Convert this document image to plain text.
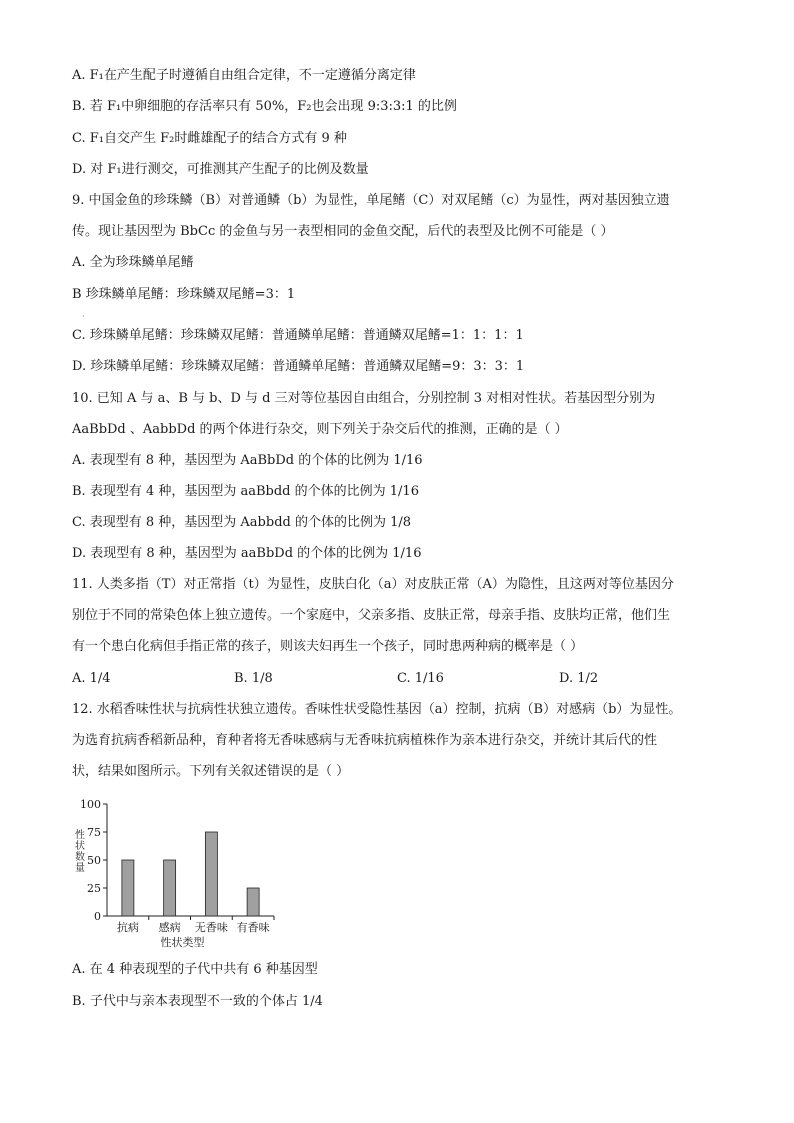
A. F₁在产生配子时遵循自由组合定律，不一定遵循分离定律
B. 若 F₁中卵细胞的存活率只有 50%，F₂也会出现 9:3:3:1 的比例
C. F₁自交产生 F₂时雌雄配子的结合方式有 9 种
D. 对 F₁进行测交，可推测其产生配子的比例及数量
9. 中国金鱼的珍珠鳞（B）对普通鳞（b）为显性，单尾鳍（C）对双尾鳍（c）为显性，两对基因独立遗
传。现让基因型为 BbCc 的金鱼与另一表型相同的金鱼交配，后代的表型及比例不可能是（ ）
A. 全为珍珠鳞单尾鳍
B 珍珠鳞单尾鳍：珍珠鳞双尾鳍=3：1
·
C. 珍珠鳞单尾鳍：珍珠鳞双尾鳍：普通鳞单尾鳍：普通鳞双尾鳍=1：1：1：1
D. 珍珠鳞单尾鳍：珍珠鳞双尾鳍：普通鳞单尾鳍：普通鳞双尾鳍=9：3：3：1
10. 已知 A 与 a、B 与 b、D 与 d 三对等位基因自由组合，分别控制 3 对相对性状。若基因型分别为
AaBbDd 、AabbDd 的两个体进行杂交，则下列关于杂交后代的推测，正确的是（ ）
A. 表现型有 8 种，基因型为 AaBbDd 的个体的比例为 1/16
B. 表现型有 4 种，基因型为 aaBbdd 的个体的比例为 1/16
C. 表现型有 8 种，基因型为 Aabbdd 的个体的比例为 1/8
D. 表现型有 8 种，基因型为 aaBbDd 的个体的比例为 1/16
11. 人类多指（T）对正常指（t）为显性，皮肤白化（a）对皮肤正常（A）为隐性，且这两对等位基因分
别位于不同的常染色体上独立遗传。一个家庭中，父亲多指、皮肤正常，母亲手指、皮肤均正常，他们生
有一个患白化病但手指正常的孩子，则该夫妇再生一个孩子，同时患两种病的概率是（ ）
A. 1/4	B. 1/8	C. 1/16	D. 1/2
12. 水稻香味性状与抗病性状独立遗传。香味性状受隐性基因（a）控制，抗病（B）对感病（b）为显性。
为选育抗病香稻新品种，育种者将无香味感病与无香味抗病植株作为亲本进行杂交，并统计其后代的性
状，结果如图所示。下列有关叙述错误的是（ ）
0
25
50
75
100
抗病 感病 无香味 有香味
性状类型
性状数量
A. 在 4 种表现型的子代中共有 6 种基因型
B. 子代中与亲本表现型不一致的个体占 1/4
